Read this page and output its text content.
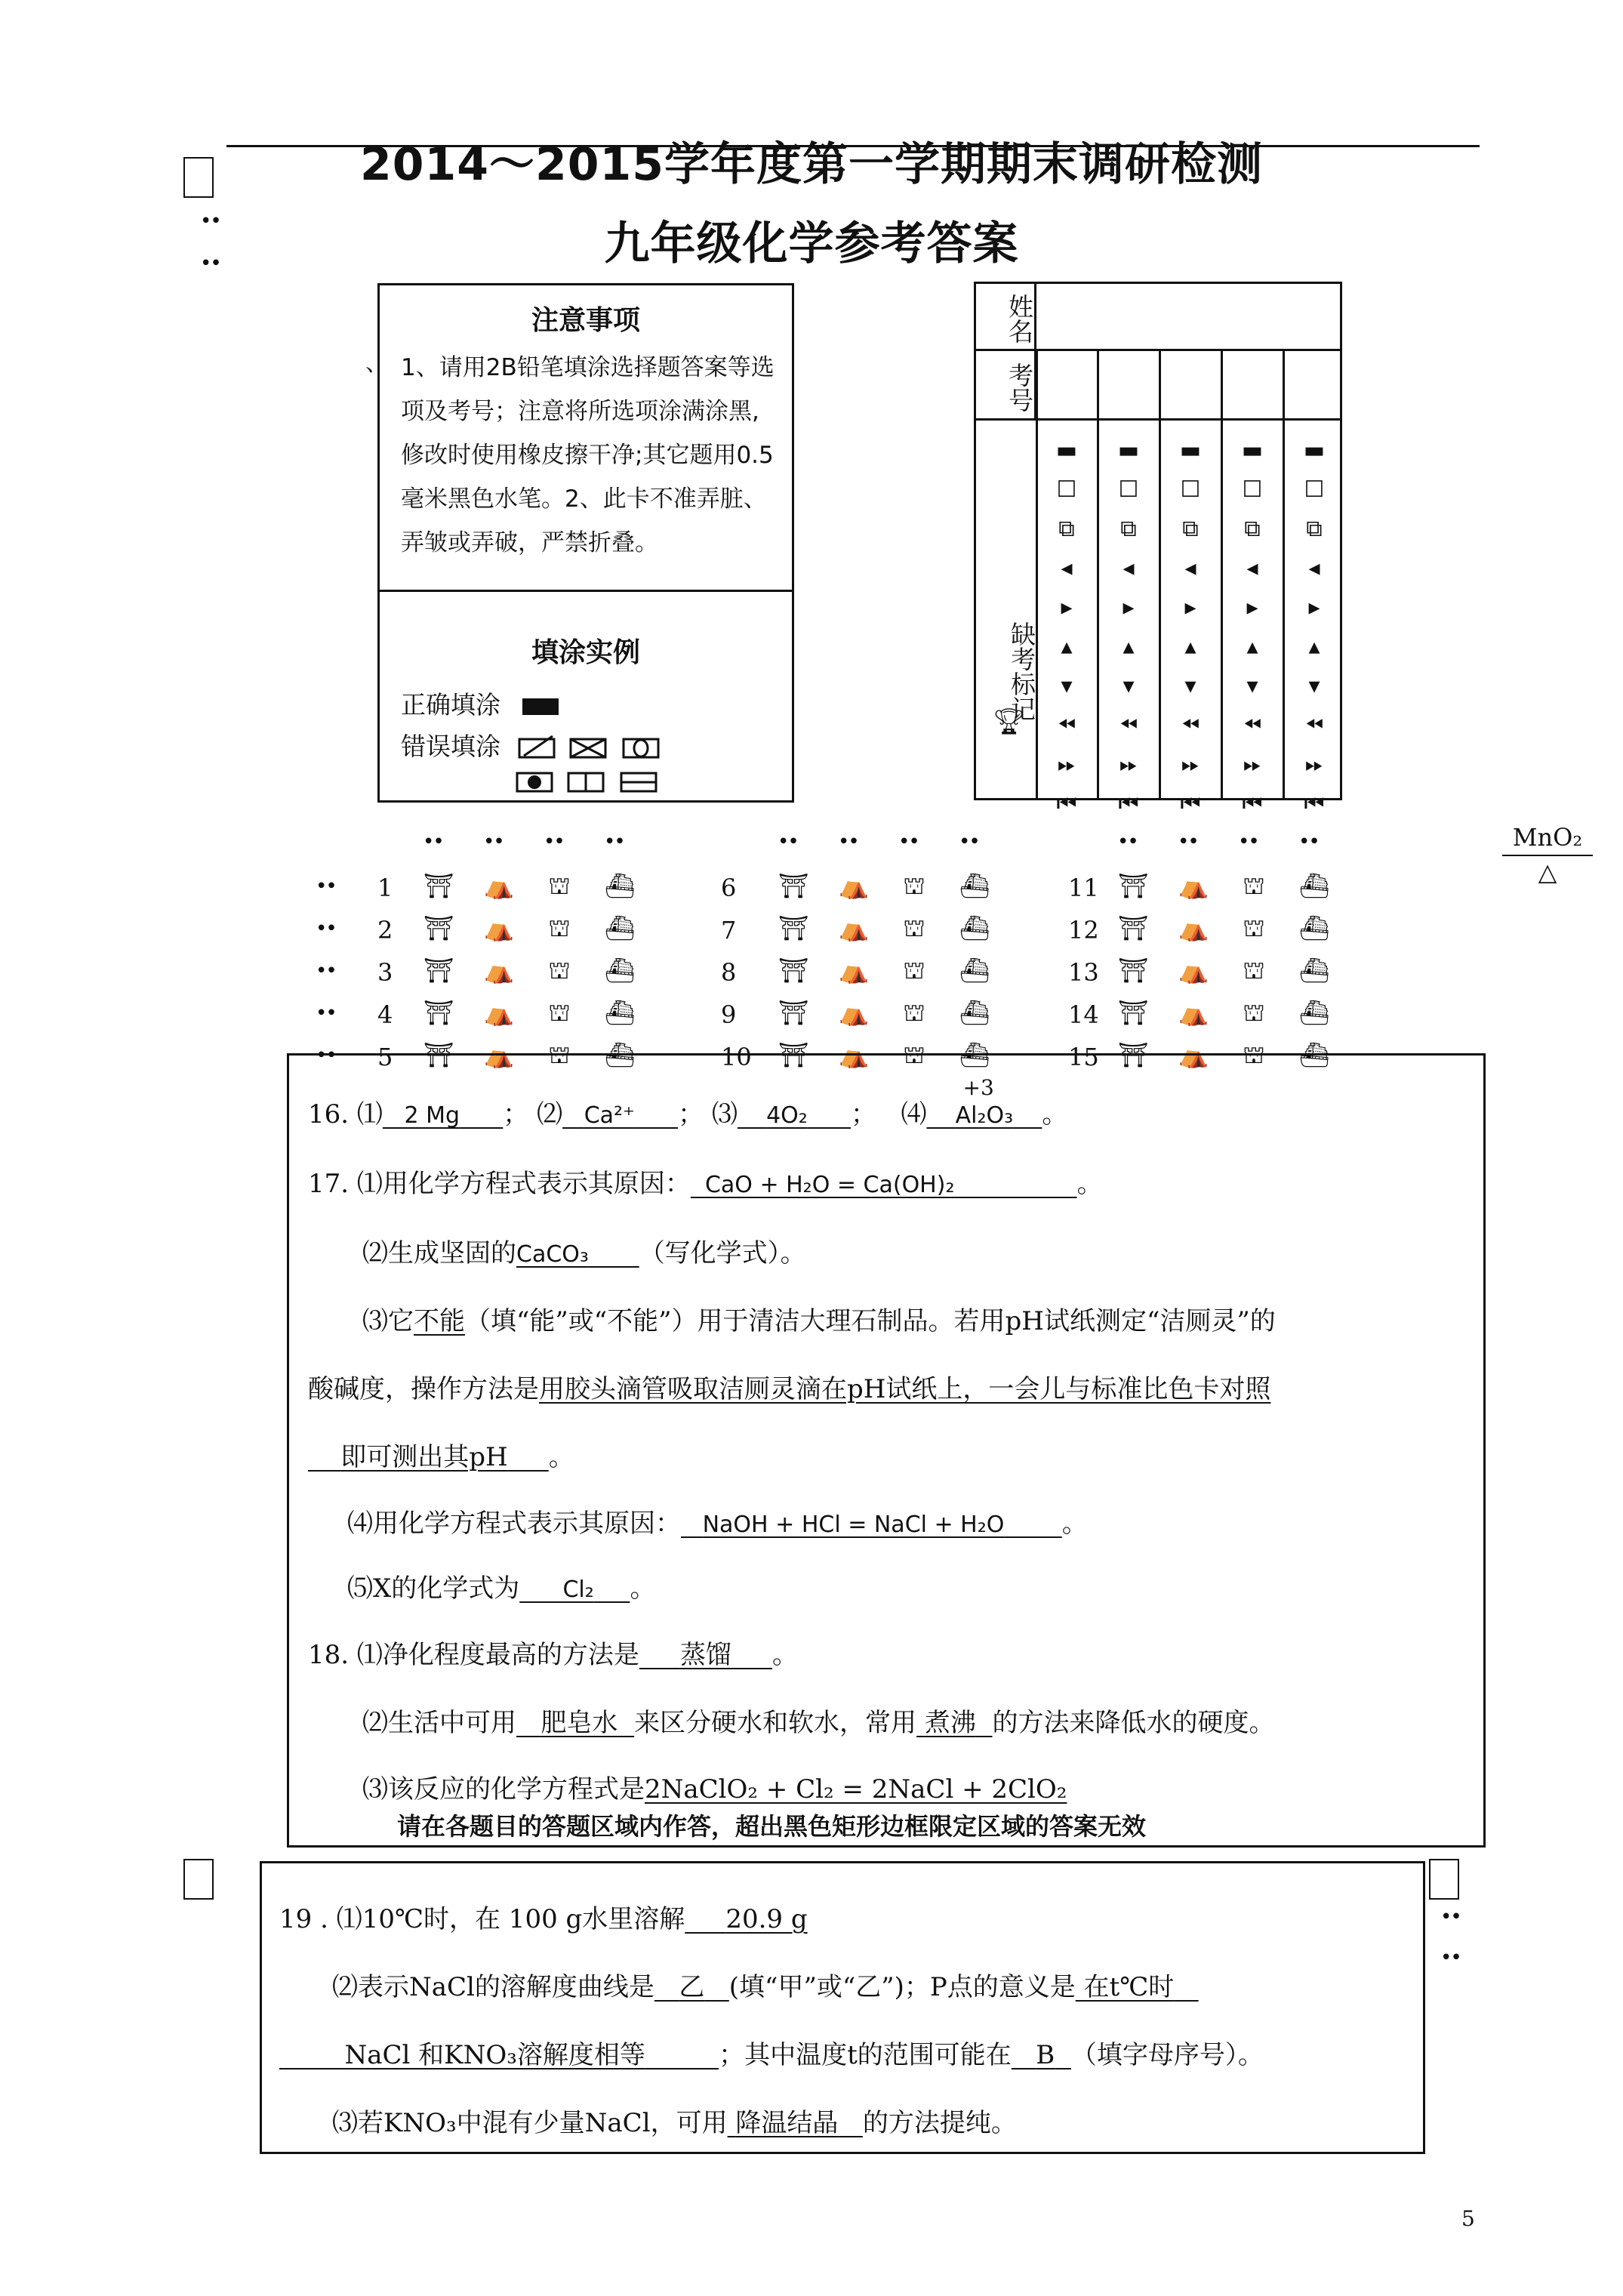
••
••
2014～2015学年度第一学期期末调研检测
九年级化学参考答案
注意事项
1、请用2B铅笔填涂选择题答案等选项及考号；注意将所选项涂满涂黑,修改时使用橡皮擦干净;其它题用0.5毫米黑色水笔。2、此卡不准弄脏、弄皱或弄破，严禁折叠。
填涂实例
正确填涂
错误填涂
、
姓名
考号
缺考标记
🏆︎
▬
☐
⧉
◂
▸
▴
▾
⏪︎
⏩︎
⏮︎
▬
☐
⧉
◂
▸
▴
▾
⏪︎
⏩︎
⏮︎
▬
☐
⧉
◂
▸
▴
▾
⏪︎
⏩︎
⏮︎
▬
☐
⧉
◂
▸
▴
▾
⏪︎
⏩︎
⏮︎
▬
☐
⧉
◂
▸
▴
▾
⏪︎
⏩︎
⏮︎
MnO₂
△
•• •• •• ••	•• •• •• ••	•• •• •• ••
•• 1 ⛩ ⛺ ⛫ ⛴	6 ⛩ ⛺ ⛫ ⛴	11 ⛩ ⛺ ⛫ ⛴
•• 2 ⛩ ⛺ ⛫ ⛴	7 ⛩ ⛺ ⛫ ⛴	12 ⛩ ⛺ ⛫ ⛴
•• 3 ⛩ ⛺ ⛫ ⛴	8 ⛩ ⛺ ⛫ ⛴	13 ⛩ ⛺ ⛫ ⛴
•• 4 ⛩ ⛺ ⛫ ⛴	9 ⛩ ⛺ ⛫ ⛴	14 ⛩ ⛺ ⛫ ⛴
•• 5 ⛩ ⛺ ⛫ ⛴	10 ⛩ ⛺ ⛫ ⛴	15 ⛩ ⛺ ⛫ ⛴
16. ⑴ 2 Mg ； ⑵ Ca²⁺ ； ⑶ 4O₂ ；   ⑷ Al₂O₃
+3
。
17. ⑴用化学方程式表示其原因： CaO + H₂O = Ca(OH)₂	。
⑵生成坚固的CaCO₃ （写化学式）。
⑶它不能（填“能”或“不能”）用于清洁大理石制品。若用pH试纸测定“洁厕灵”的
酸碱度，操作方法是用胶头滴管吸取洁厕灵滴在pH试纸上，一会儿与标准比色卡对照
即可测出其pH 。
⑷用化学方程式表示其原因： NaOH + HCl = NaCl + H₂O 。
⑸X的化学式为 Cl₂ 。
18. ⑴净化程度最高的方法是 蒸馏 。
⑵生活中可用 肥皂水 来区分硬水和软水，常用 煮沸 的方法来降低水的硬度。
⑶该反应的化学方程式是2NaClO₂ + Cl₂ = 2NaCl + 2ClO₂
请在各题目的答题区域内作答，超出黑色矩形边框限定区域的答案无效
••
••
19 . ⑴10℃时，在 100 g水里溶解 20.9 g
⑵表示NaCl的溶解度曲线是 乙 (填“甲”或“乙”)；P点的意义是 在t℃时
NaCl 和KNO₃溶解度相等	；其中温度t的范围可能在 B （填字母序号）。
⑶若KNO₃中混有少量NaCl，可用 降温结晶 的方法提纯。
5
